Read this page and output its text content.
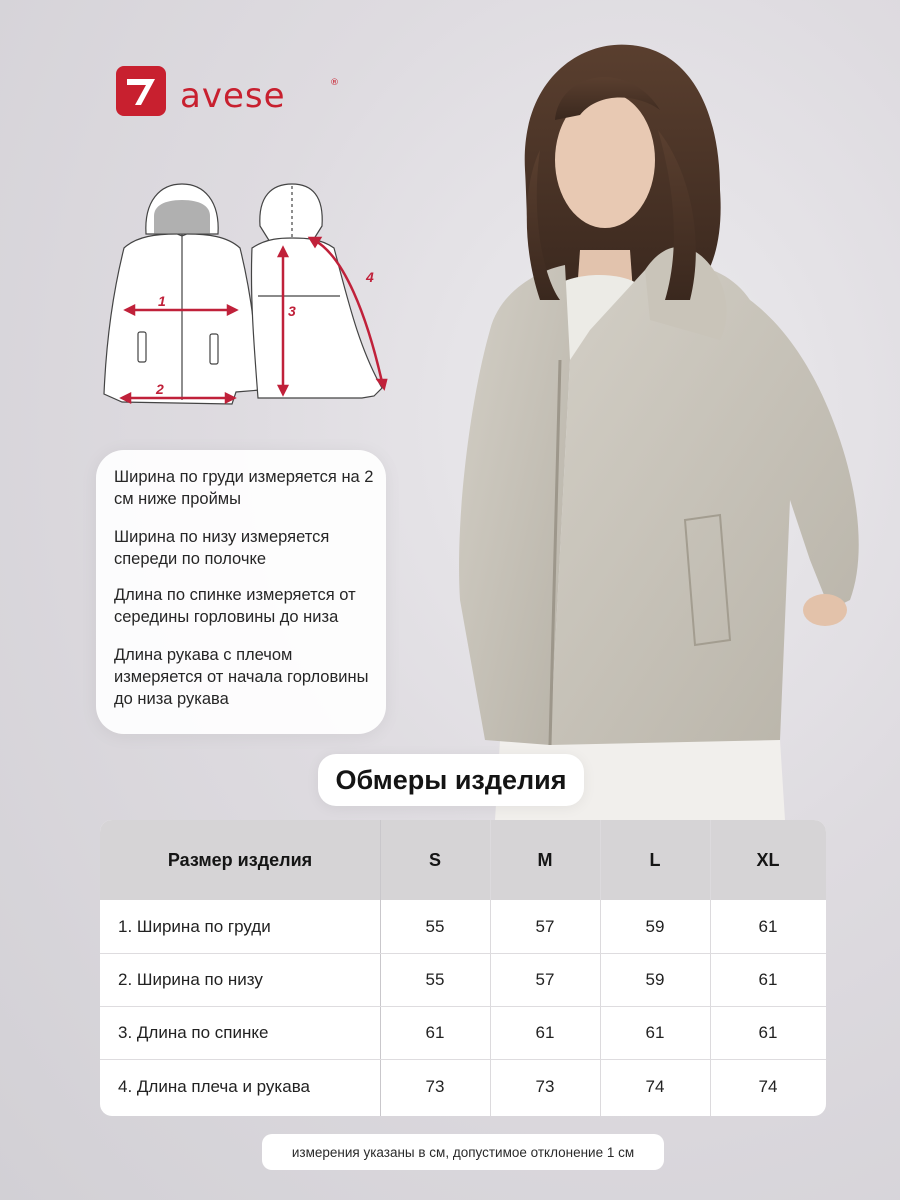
avese	®
1
2
3
4

Ширина по груди измеряется на 2 см ниже проймы

Ширина по низу измеряется спереди по полочке

Длина по спинке измеряется от середины горловины до низа

Длина рукава с плечом измеряется от начала горловины до низа рукава

Обмеры изделия
Размер изделия	S	M	L	XL
1. Ширина по груди	55	57	59	61
2. Ширина по низу	55	57	59	61
3. Длина по спинке	61	61	61	61
4. Длина плеча и рукава	73	73	74	74
измерения указаны в см, допустимое отклонение 1 см
